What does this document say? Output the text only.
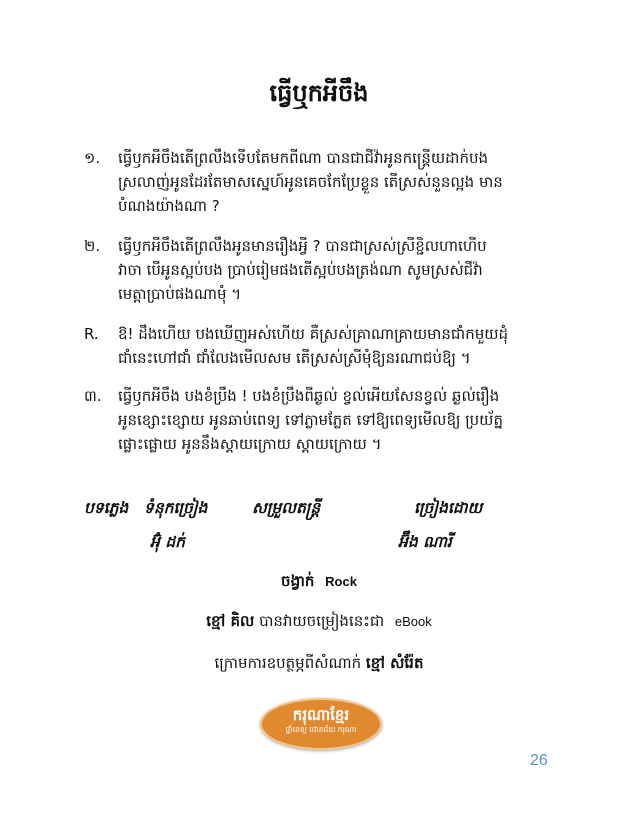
ធ្វើឬកអីចឹង
១. ធ្វើឫកអីចឹងតើព្រលឹងទើបតែមកពីណា បានជាជីវ៉ាអូនកន្ត្រើយដាក់បង
ស្រលាញ់អូនដែរតែមាសស្នេហ៍អូនគេចកែប្រែខ្លួន តើស្រស់នួនល្អង មាន
បំណងយ៉ាងណា ?
២. ធ្វើឫកអីចឹងតើព្រលឹងអូនមានរឿងអ្វី ? បានជាស្រស់ស្រីខ្ជិលហាហើប
វាចា បើអូនស្អប់បង ប្រាប់រៀមផងតើស្អប់បងត្រង់ណា សូមស្រស់ជីវ៉ា
មេត្តាប្រាប់ផងណាមុំ ។
R. ឱ! ដឹងហើយ បងឃើញអស់ហើយ គឺស្រស់គ្រាណាគ្រាយមានជាំកមួយដុំ
ជាំនេះហៅជាំ ជាំលែងមើលសម តើស្រស់ស្រីមុំឱ្យនរណាជប់ឱ្យ ។
៣. ធ្វើឫកអីចឹង បងខំប្រឹង ! បងខំប្រឹងពីឆ្ងល់ ខ្វល់អើយសែនខ្វល់ ឆ្ងល់រឿង
អូនខ្សោះខ្សោយ អូនឆាប់ពេទ្យ ទៅភ្លាមភ្លែត ទៅឱ្យពេទ្យមើលឱ្យ ប្រយ័ត្ន
ផ្លោះផ្លោយ អូននឹងស្តាយក្រោយ ស្តាយក្រោយ ។
បទភ្លេង ទំនុកច្រៀង	សម្រួលតន្ត្រី	ច្រៀងដោយ
អ៊ុំ ដក់	អ៊ឹង ណារី
ចង្វាក់ Rock
ខ្មៅ គិល បានវាយចម្រៀងនេះជា eBook
ក្រោមការឧបត្ថម្ភពីសំណាក់ ខ្មៅ សំរ៉ែត
ករុណាខ្មែរ
ថ្នាំពេទ្យ ជោគជ័យ ករុណា
26
